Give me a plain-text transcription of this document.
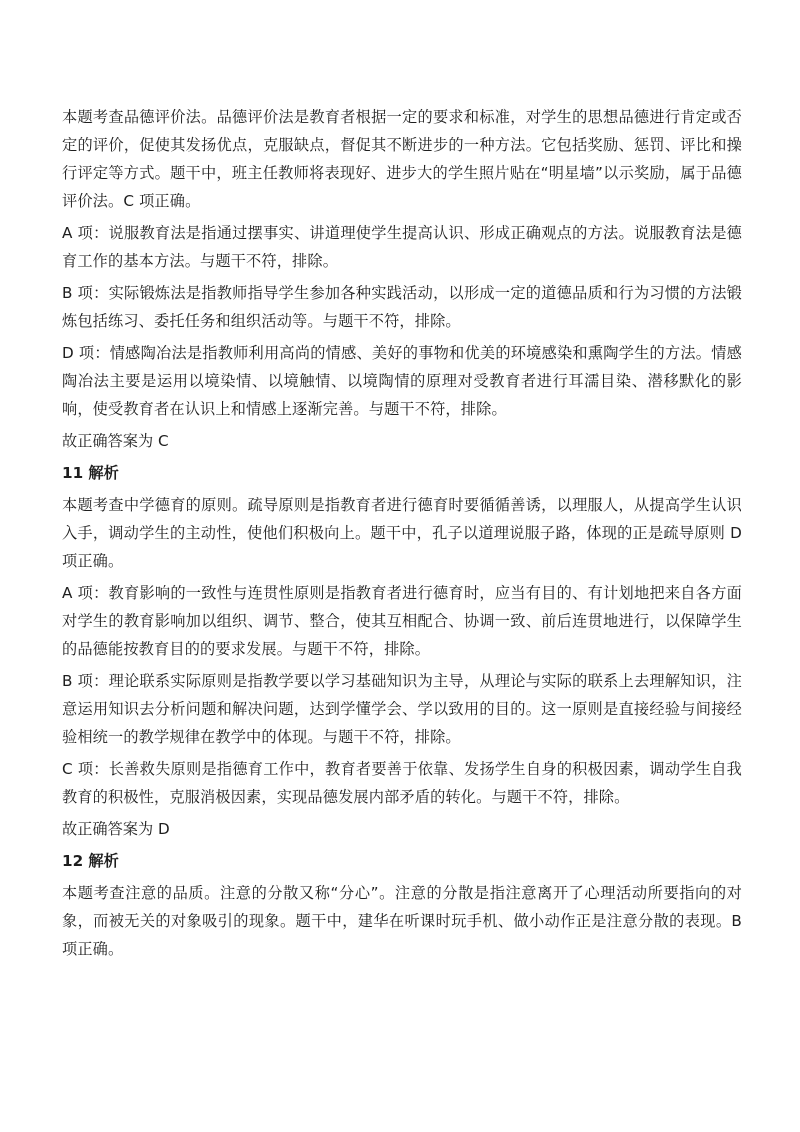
本题考查品德评价法。品德评价法是教育者根据一定的要求和标准，对学生的思想品德进行肯定或否定的评价，促使其发扬优点，克服缺点，督促其不断进步的一种方法。它包括奖励、惩罚、评比和操行评定等方式。题干中，班主任教师将表现好、进步大的学生照片贴在“明星墙”以示奖励，属于品德评价法。C 项正确。

A 项：说服教育法是指通过摆事实、讲道理使学生提高认识、形成正确观点的方法。说服教育法是德育工作的基本方法。与题干不符，排除。

B 项：实际锻炼法是指教师指导学生参加各种实践活动，以形成一定的道德品质和行为习惯的方法锻炼包括练习、委托任务和组织活动等。与题干不符，排除。

D 项：情感陶冶法是指教师利用高尚的情感、美好的事物和优美的环境感染和熏陶学生的方法。情感陶冶法主要是运用以境染情、以境触情、以境陶情的原理对受教育者进行耳濡目染、潜移默化的影响，使受教育者在认识上和情感上逐渐完善。与题干不符，排除。

故正确答案为 C

11 解析

本题考查中学德育的原则。疏导原则是指教育者进行德育时要循循善诱，以理服人，从提高学生认识入手，调动学生的主动性，使他们积极向上。题干中，孔子以道理说服子路，体现的正是疏导原则 D 项正确。

A 项：教育影响的一致性与连贯性原则是指教育者进行德育时，应当有目的、有计划地把来自各方面对学生的教育影响加以组织、调节、整合，使其互相配合、协调一致、前后连贯地进行，以保障学生的品德能按教育目的的要求发展。与题干不符，排除。

B 项：理论联系实际原则是指教学要以学习基础知识为主导，从理论与实际的联系上去理解知识，注意运用知识去分析问题和解决问题，达到学懂学会、学以致用的目的。这一原则是直接经验与间接经验相统一的教学规律在教学中的体现。与题干不符，排除。

C 项：长善救失原则是指德育工作中，教育者要善于依靠、发扬学生自身的积极因素，调动学生自我教育的积极性，克服消极因素，实现品德发展内部矛盾的转化。与题干不符，排除。

故正确答案为 D

12 解析

本题考查注意的品质。注意的分散又称“分心”。注意的分散是指注意离开了心理活动所要指向的对象，而被无关的对象吸引的现象。题干中，建华在听课时玩手机、做小动作正是注意分散的表现。B 项正确。
